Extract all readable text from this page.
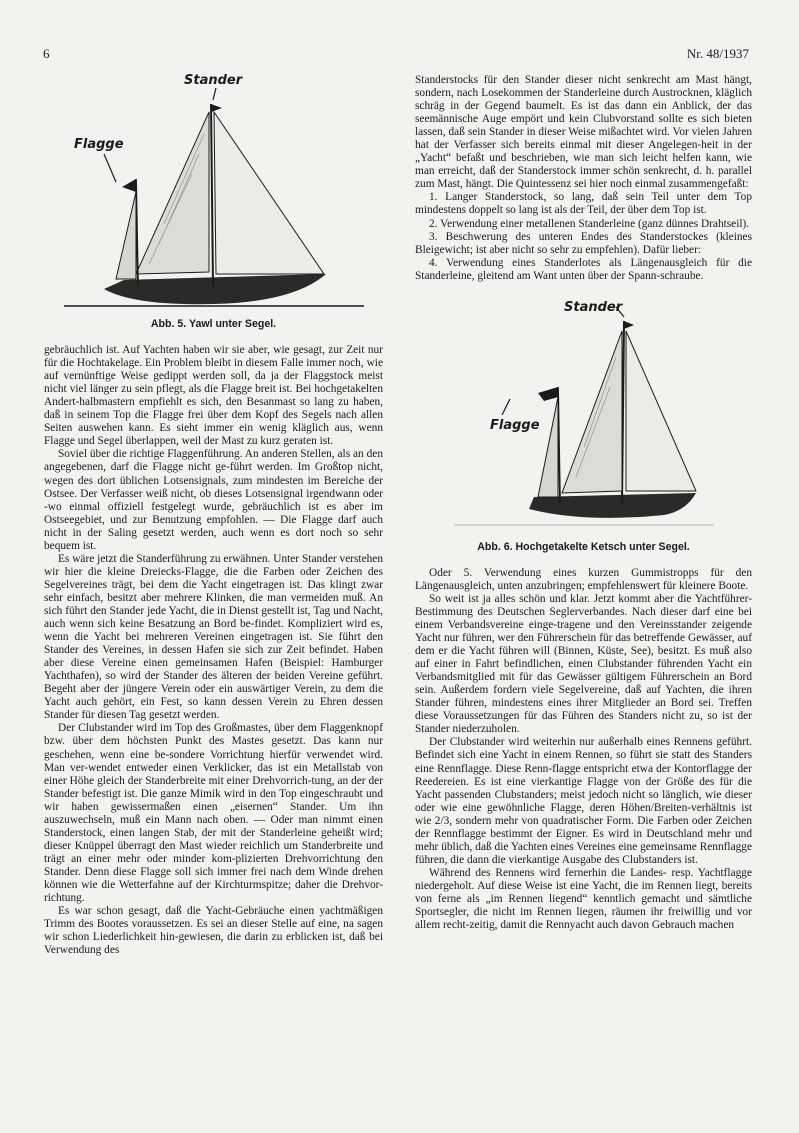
6	Nr. 48/1937
Stander
Flagge
Abb. 5. Yawl unter Segel.

gebräuchlich ist. Auf Yachten haben wir sie aber, wie gesagt, zur Zeit nur für die Hochtakelage. Ein Problem bleibt in diesem Falle immer noch, wie auf vernünftige Weise gedippt werden soll, da ja der Flaggstock meist nicht viel länger zu sein pflegt, als die Flagge breit ist. Bei hochgetakelten Andert-halbmastern empfiehlt es sich, den Besanmast so lang zu haben, daß in seinem Top die Flagge frei über dem Kopf des Segels nach allen Seiten auswehen kann. Es sieht immer ein wenig kläglich aus, wenn Flagge und Segel überlappen, weil der Mast zu kurz geraten ist.

Soviel über die richtige Flaggenführung. An anderen Stellen, als an den angegebenen, darf die Flagge nicht ge-führt werden. Im Großtop nicht, wegen des dort üblichen Lotsensignals, zum mindesten im Bereiche der Ostsee. Der Verfasser weiß nicht, ob dieses Lotsensignal irgendwann oder -wo einmal offiziell festgelegt wurde, gebräuchlich ist es aber im Ostseegebiet, und zur Benutzung empfohlen. — Die Flagge darf auch nicht in der Saling gesetzt werden, auch wenn es dort noch so sehr bequem ist.

Es wäre jetzt die Standerführung zu erwähnen. Unter Stander verstehen wir hier die kleine Dreiecks-Flagge, die die Farben oder Zeichen des Segelvereines trägt, bei dem die Yacht eingetragen ist. Das klingt zwar sehr einfach, besitzt aber mehrere Klinken, die man vermeiden muß. An sich führt den Stander jede Yacht, die in Dienst gestellt ist, Tag und Nacht, auch wenn sich keine Besatzung an Bord be-findet. Kompliziert wird es, wenn die Yacht bei mehreren Vereinen eingetragen ist. Sie führt den Stander des Vereines, in dessen Hafen sie sich zur Zeit befindet. Haben aber diese Vereine einen gemeinsamen Hafen (Beispiel: Hamburger Yachthafen), so wird der Stander des älteren der beiden Vereine geführt. Begeht aber der jüngere Verein oder ein auswärtiger Verein, zu dem die Yacht auch gehört, ein Fest, so kann dessen Verein zu Ehren dessen Stander für diesen Tag gesetzt werden.

Der Clubstander wird im Top des Großmastes, über dem Flaggenknopf bzw. über dem höchsten Punkt des Mastes gesetzt. Das kann nur geschehen, wenn eine be-sondere Vorrichtung hierfür verwendet wird. Man ver-wendet entweder einen Verklicker, das ist ein Metallstab von einer Höhe gleich der Standerbreite mit einer Drehvorrich-tung, an der der Stander befestigt ist. Die ganze Mimik wird in den Top eingeschraubt und wir haben gewissermaßen einen „eisernen“ Stander. Um ihn auszuwechseln, muß ein Mann nach oben. — Oder man nimmt einen Standerstock, einen langen Stab, der mit der Standerleine geheißt wird; dieser Knüppel überragt den Mast wieder reichlich um Standerbreite und trägt an einer mehr oder minder kom-plizierten Drehvorrichtung den Stander. Denn diese Flagge soll sich immer frei nach dem Winde drehen können wie die Wetterfahne auf der Kirchturmspitze; daher die Drehvor-richtung.

Es war schon gesagt, daß die Yacht-Gebräuche einen yachtmäßigen Trimm des Bootes voraussetzen. Es sei an dieser Stelle auf eine, na sagen wir schon Liederlichkeit hin-gewiesen, die darin zu erblicken ist, daß bei Verwendung des

Standerstocks für den Stander dieser nicht senkrecht am Mast hängt, sondern, nach Losekommen der Standerleine durch Austrocknen, kläglich schräg in der Gegend baumelt. Es ist das dann ein Anblick, der das seemännische Auge empört und kein Clubvorstand sollte es sich bieten lassen, daß sein Stander in dieser Weise mißachtet wird. Vor vielen Jahren hat der Verfasser sich bereits einmal mit dieser Angelegen-heit in der „Yacht“ befaßt und beschrieben, wie man sich leicht helfen kann, wie man erreicht, daß der Standerstock immer schön senkrecht, d. h. parallel zum Mast, hängt. Die Quintessenz sei hier noch einmal zusammengefaßt:

1. Langer Standerstock, so lang, daß sein Teil unter dem Top mindestens doppelt so lang ist als der Teil, der über dem Top ist.

2. Verwendung einer metallenen Standerleine (ganz dünnes Drahtseil).

3. Beschwerung des unteren Endes des Standerstockes (kleines Bleigewicht; ist aber nicht so sehr zu empfehlen). Dafür lieber:

4. Verwendung eines Standerlotes als Längenausgleich für die Standerleine, gleitend am Want unten über der Spann-schraube.

Stander
Flagge
Abb. 6. Hochgetakelte Ketsch unter Segel.

Oder 5. Verwendung eines kurzen Gummistropps für den Längenausgleich, unten anzubringen; empfehlenswert für kleinere Boote.

So weit ist ja alles schön und klar. Jetzt kommt aber die Yachtführer-Bestimmung des Deutschen Seglerverbandes. Nach dieser darf eine bei einem Verbandsvereine einge-tragene und den Vereinsstander zeigende Yacht nur führen, wer den Führerschein für das betreffende Gewässer, auf dem er die Yacht führen will (Binnen, Küste, See), besitzt. Es muß also auf einer in Fahrt befindlichen, einen Clubstander führenden Yacht ein Verbandsmitglied mit für das Gewässer gültigem Führerschein an Bord sein. Außerdem fordern viele Segelvereine, daß auf Yachten, die ihren Stander führen, mindestens eines ihrer Mitglieder an Bord sei. Treffen diese Voraussetzungen für das Führen des Standers nicht zu, so ist der Stander niederzuholen.

Der Clubstander wird weiterhin nur außerhalb eines Rennens geführt. Befindet sich eine Yacht in einem Rennen, so führt sie statt des Standers eine Rennflagge. Diese Renn-flagge entspricht etwa der Kontorflagge der Reedereien. Es ist eine vierkantige Flagge von der Größe des für die Yacht passenden Clubstanders; meist jedoch nicht so länglich, wie dieser oder wie eine gewöhnliche Flagge, deren Höhen/Breiten-verhältnis ist wie 2/3, sondern mehr von quadratischer Form. Die Farben oder Zeichen der Rennflagge bestimmt der Eigner. Es wird in Deutschland mehr und mehr üblich, daß die Yachten eines Vereines eine gemeinsame Rennflagge führen, die dann die vierkantige Ausgabe des Clubstanders ist.

Während des Rennens wird fernerhin die Landes- resp. Yachtflagge niedergeholt. Auf diese Weise ist eine Yacht, die im Rennen liegt, bereits von ferne als „im Rennen liegend“ kenntlich gemacht und sämtliche Sportsegler, die nicht im Rennen liegen, räumen ihr freiwillig und vor allem recht-zeitig, damit die Rennyacht auch davon Gebrauch machen
